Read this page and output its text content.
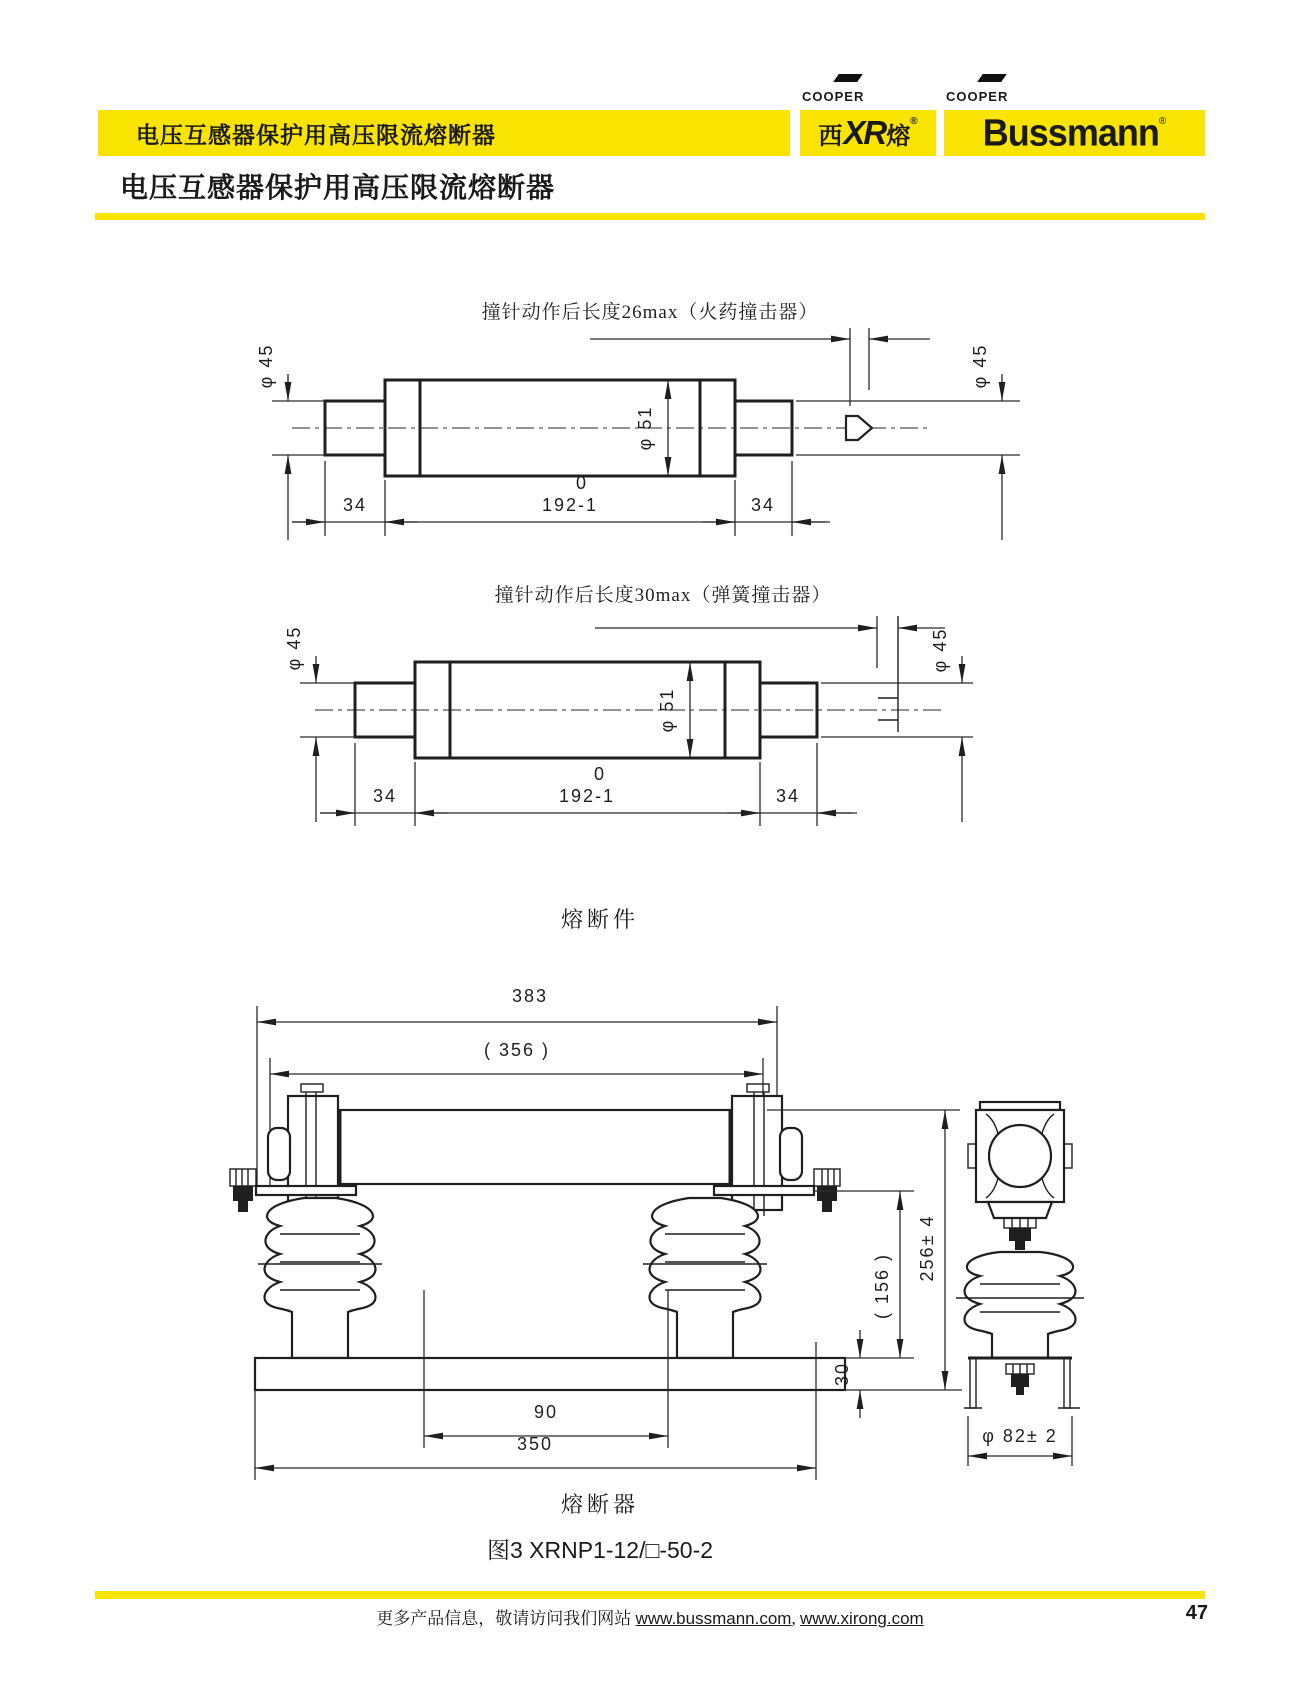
COOPER	COOPER
电压互感器保护用高压限流熔断器	西 XR 熔
® Bussmann ®
电压互感器保护用高压限流熔断器
撞针动作后长度26max（火药撞击器）
φ 45
φ 51
φ 45
34
0
192-1	34
撞针动作后长度30max（弹簧撞击器）
φ 45
φ 51
φ 45
34
0
192-1	34
熔断件
383
( 356 )
256± 4
( 156 )
30
90
350	φ 82± 2
熔断器
图3 XRNP1-12/□-50-2
更多产品信息，敬请访问我们网站 www.bussmann.com, www.xirong.com	47
